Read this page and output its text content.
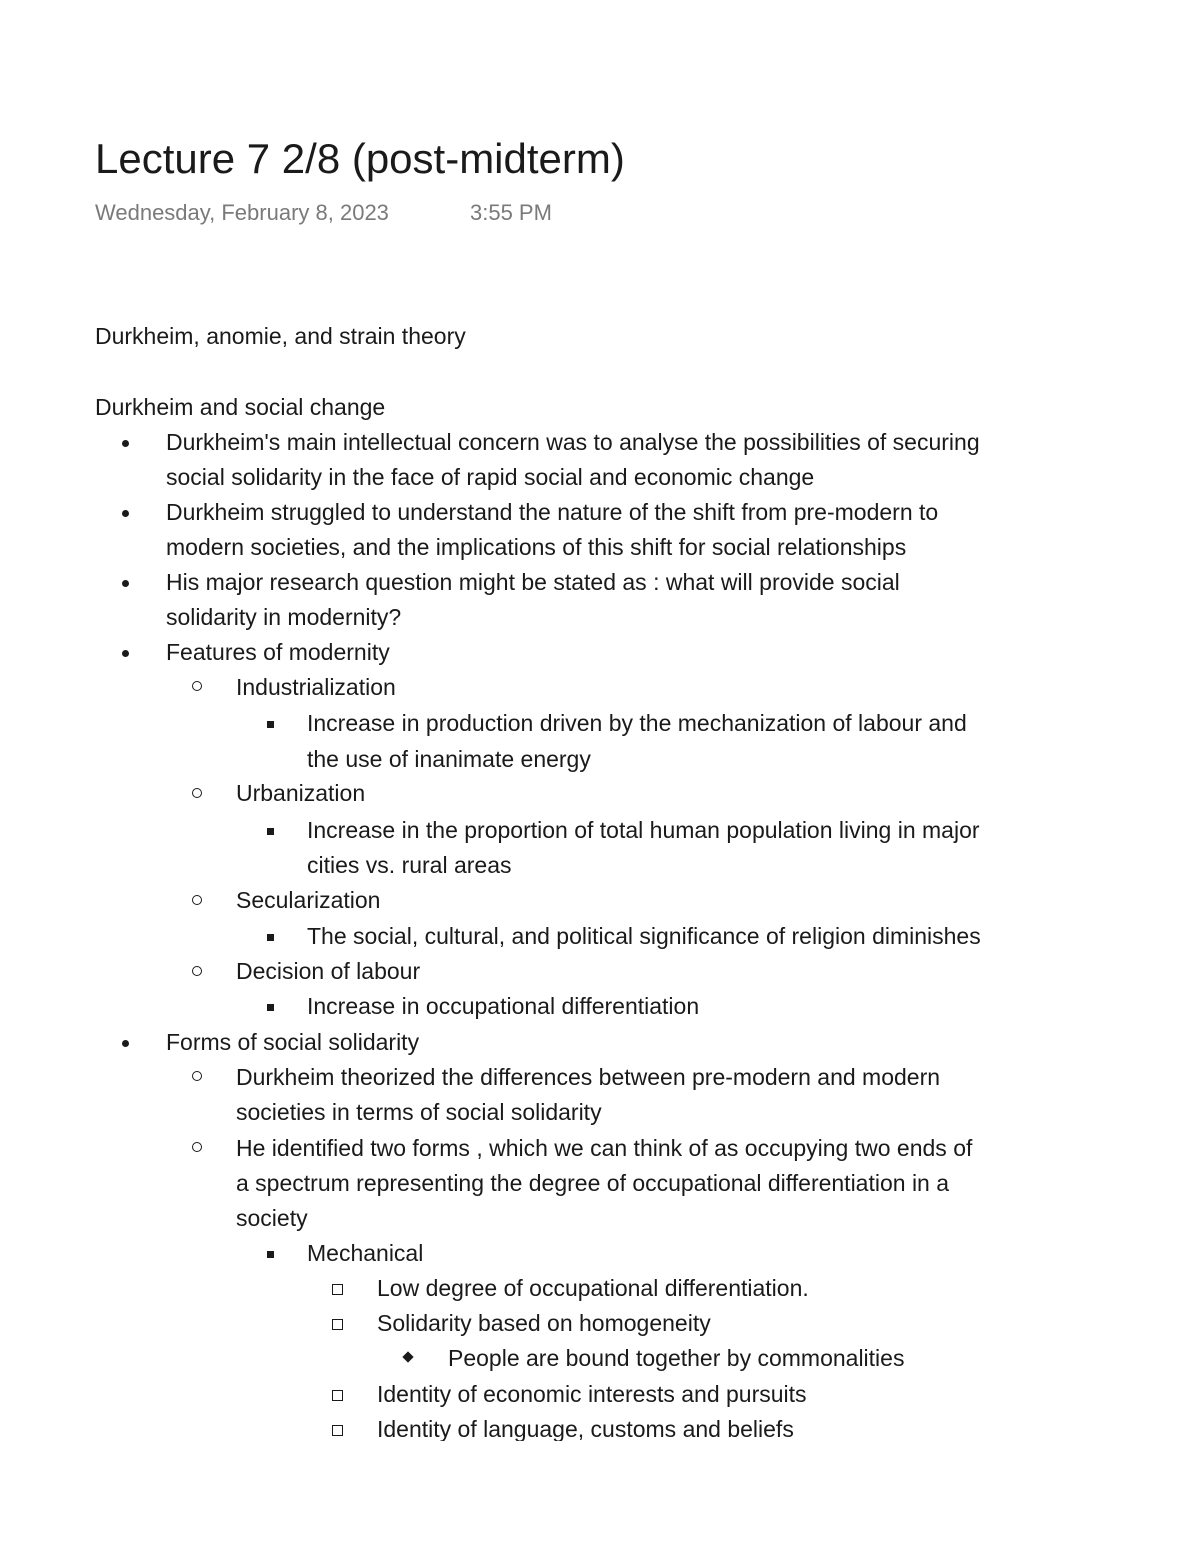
Lecture 7 2/8 (post-midterm)
Wednesday, February 8, 2023	3:55 PM
Durkheim, anomie, and strain theory
Durkheim and social change
Durkheim's main intellectual concern was to analyse the possibilities of securing
social solidarity in the face of rapid social and economic change
Durkheim struggled to understand the nature of the shift from pre-modern to
modern societies, and the implications of this shift for social relationships
His major research question might be stated as : what will provide social
solidarity in modernity?
Features of modernity
Industrialization
Increase in production driven by the mechanization of labour and
the use of inanimate energy
Urbanization
Increase in the proportion of total human population living in major
cities vs. rural areas
Secularization
The social, cultural, and political significance of religion diminishes
Decision of labour
Increase in occupational differentiation
Forms of social solidarity
Durkheim theorized the differences between pre-modern and modern
societies in terms of social solidarity
He identified two forms , which we can think of as occupying two ends of
a spectrum representing the degree of occupational differentiation in a
society
Mechanical
Low degree of occupational differentiation.
Solidarity based on homogeneity
People are bound together by commonalities
Identity of economic interests and pursuits
Identity of language, customs and beliefs
